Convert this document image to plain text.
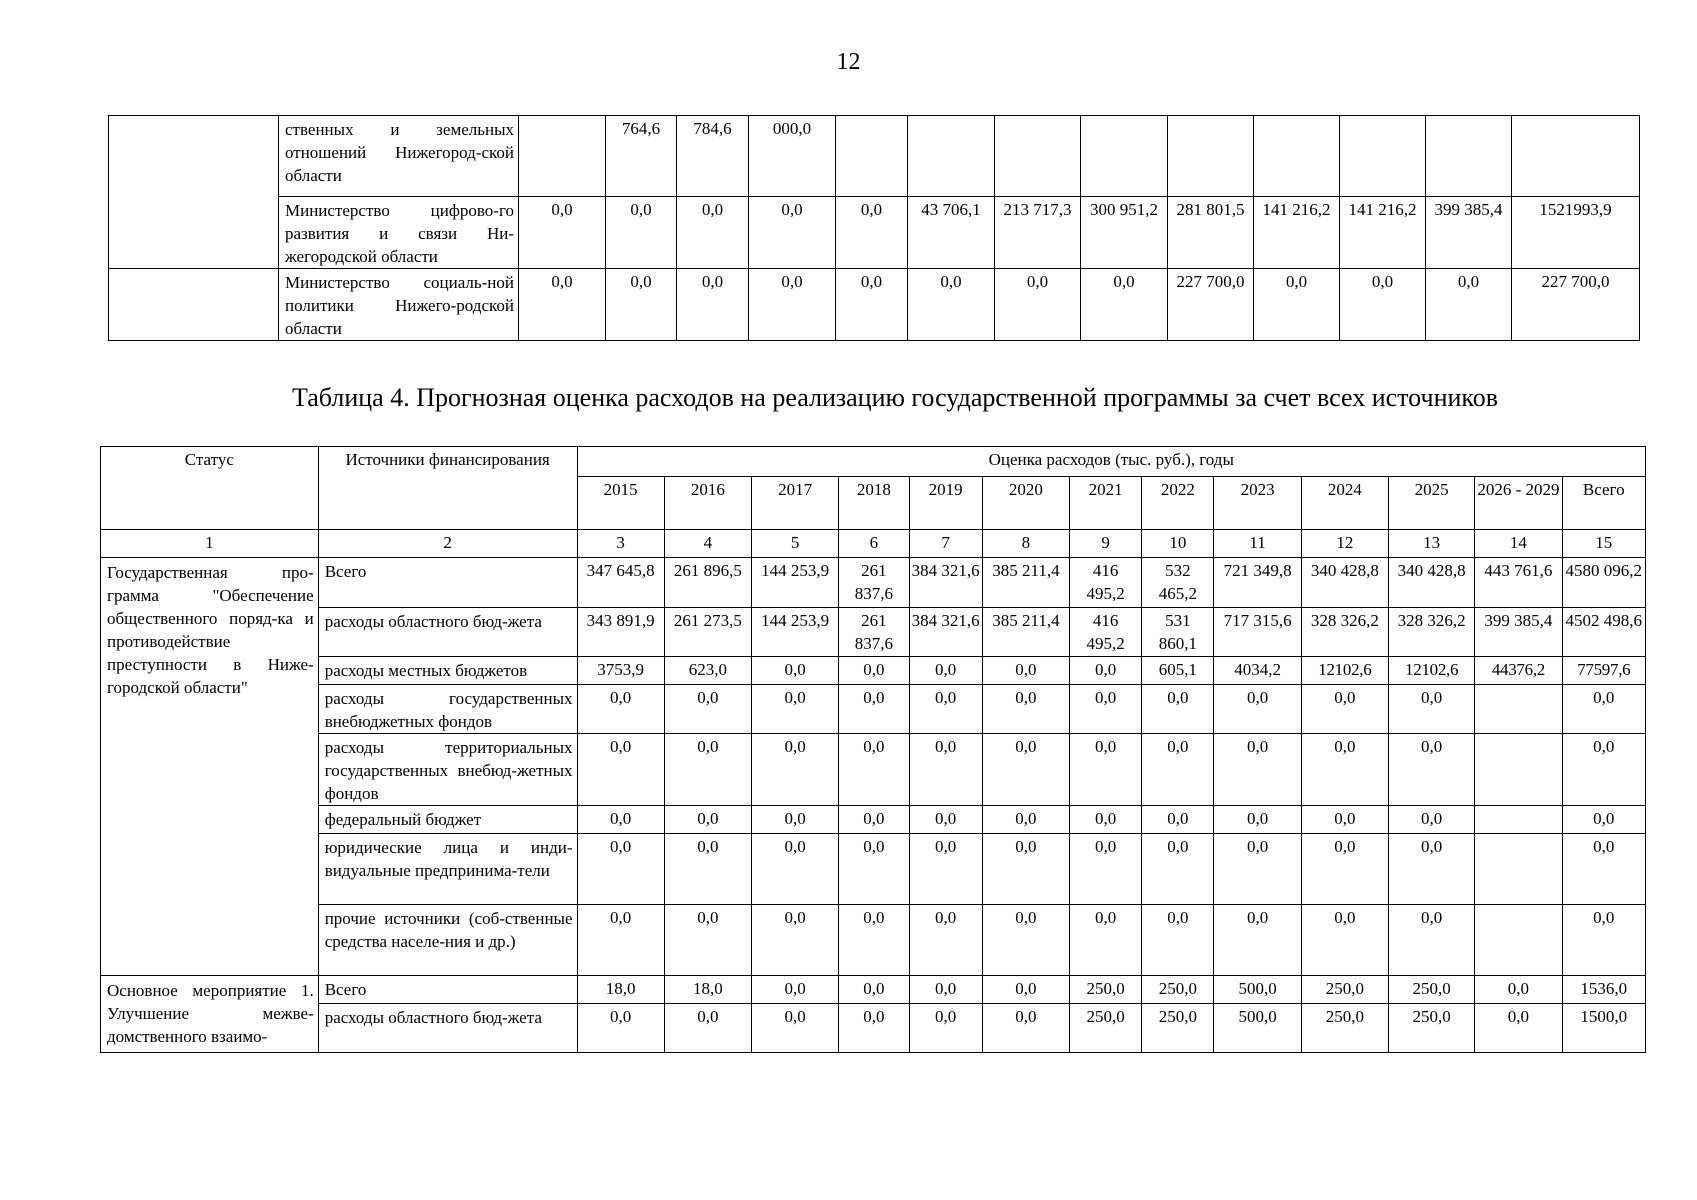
12
	ственных и земельных отношений Нижегород-ской области		764,6	784,6	000,0									
	Министерство цифрово-го развития и связи Ни-жегородской области	0,0	0,0	0,0	0,0	0,0	43 706,1	213 717,3	300 951,2	281 801,5	141 216,2	141 216,2	399 385,4	1521993,9
	Министерство социаль-ной политики Нижего-родской области	0,0	0,0	0,0	0,0	0,0	0,0	0,0	0,0	227 700,0	0,0	0,0	0,0	227 700,0
Таблица 4. Прогнозная оценка расходов на реализацию государственной программы за счет всех источников
Статус	Источники финансирования	Оценка расходов (тыс. руб.), годы												
		2015	2016	2017	2018	2019	2020	2021	2022	2023	2024	2025	2026 - 2029	Всего
1	2	3	4	5	6	7	8	9	10	11	12	13	14	15
Государственная про-грамма "Обеспечение общественного поряд-ка и противодействие преступности в Ниже-городской области"	Всего	347 645,8	261 896,5	144 253,9	261 837,6	384 321,6	385 211,4	416 495,2	532 465,2	721 349,8	340 428,8	340 428,8	443 761,6	4580 096,2
	расходы областного бюд-жета	343 891,9	261 273,5	144 253,9	261 837,6	384 321,6	385 211,4	416 495,2	531 860,1	717 315,6	328 326,2	328 326,2	399 385,4	4502 498,6
	расходы местных бюджетов	3753,9	623,0	0,0	0,0	0,0	0,0	0,0	605,1	4034,2	12102,6	12102,6	44376,2	77597,6
	расходы государственных внебюджетных фондов	0,0	0,0	0,0	0,0	0,0	0,0	0,0	0,0	0,0	0,0	0,0		0,0
	расходы территориальных государственных внебюд-жетных фондов	0,0	0,0	0,0	0,0	0,0	0,0	0,0	0,0	0,0	0,0	0,0		0,0
	федеральный бюджет	0,0	0,0	0,0	0,0	0,0	0,0	0,0	0,0	0,0	0,0	0,0		0,0
	юридические лица и инди-видуальные предпринима-тели	0,0	0,0	0,0	0,0	0,0	0,0	0,0	0,0	0,0	0,0	0,0		0,0
	прочие источники (соб-ственные средства населе-ния и др.)	0,0	0,0	0,0	0,0	0,0	0,0	0,0	0,0	0,0	0,0	0,0		0,0
Основное мероприятие 1. Улучшение межве-домственного взаимо-	Всего	18,0	18,0	0,0	0,0	0,0	0,0	250,0	250,0	500,0	250,0	250,0	0,0	1536,0
	расходы областного бюд-жета	0,0	0,0	0,0	0,0	0,0	0,0	250,0	250,0	500,0	250,0	250,0	0,0	1500,0
